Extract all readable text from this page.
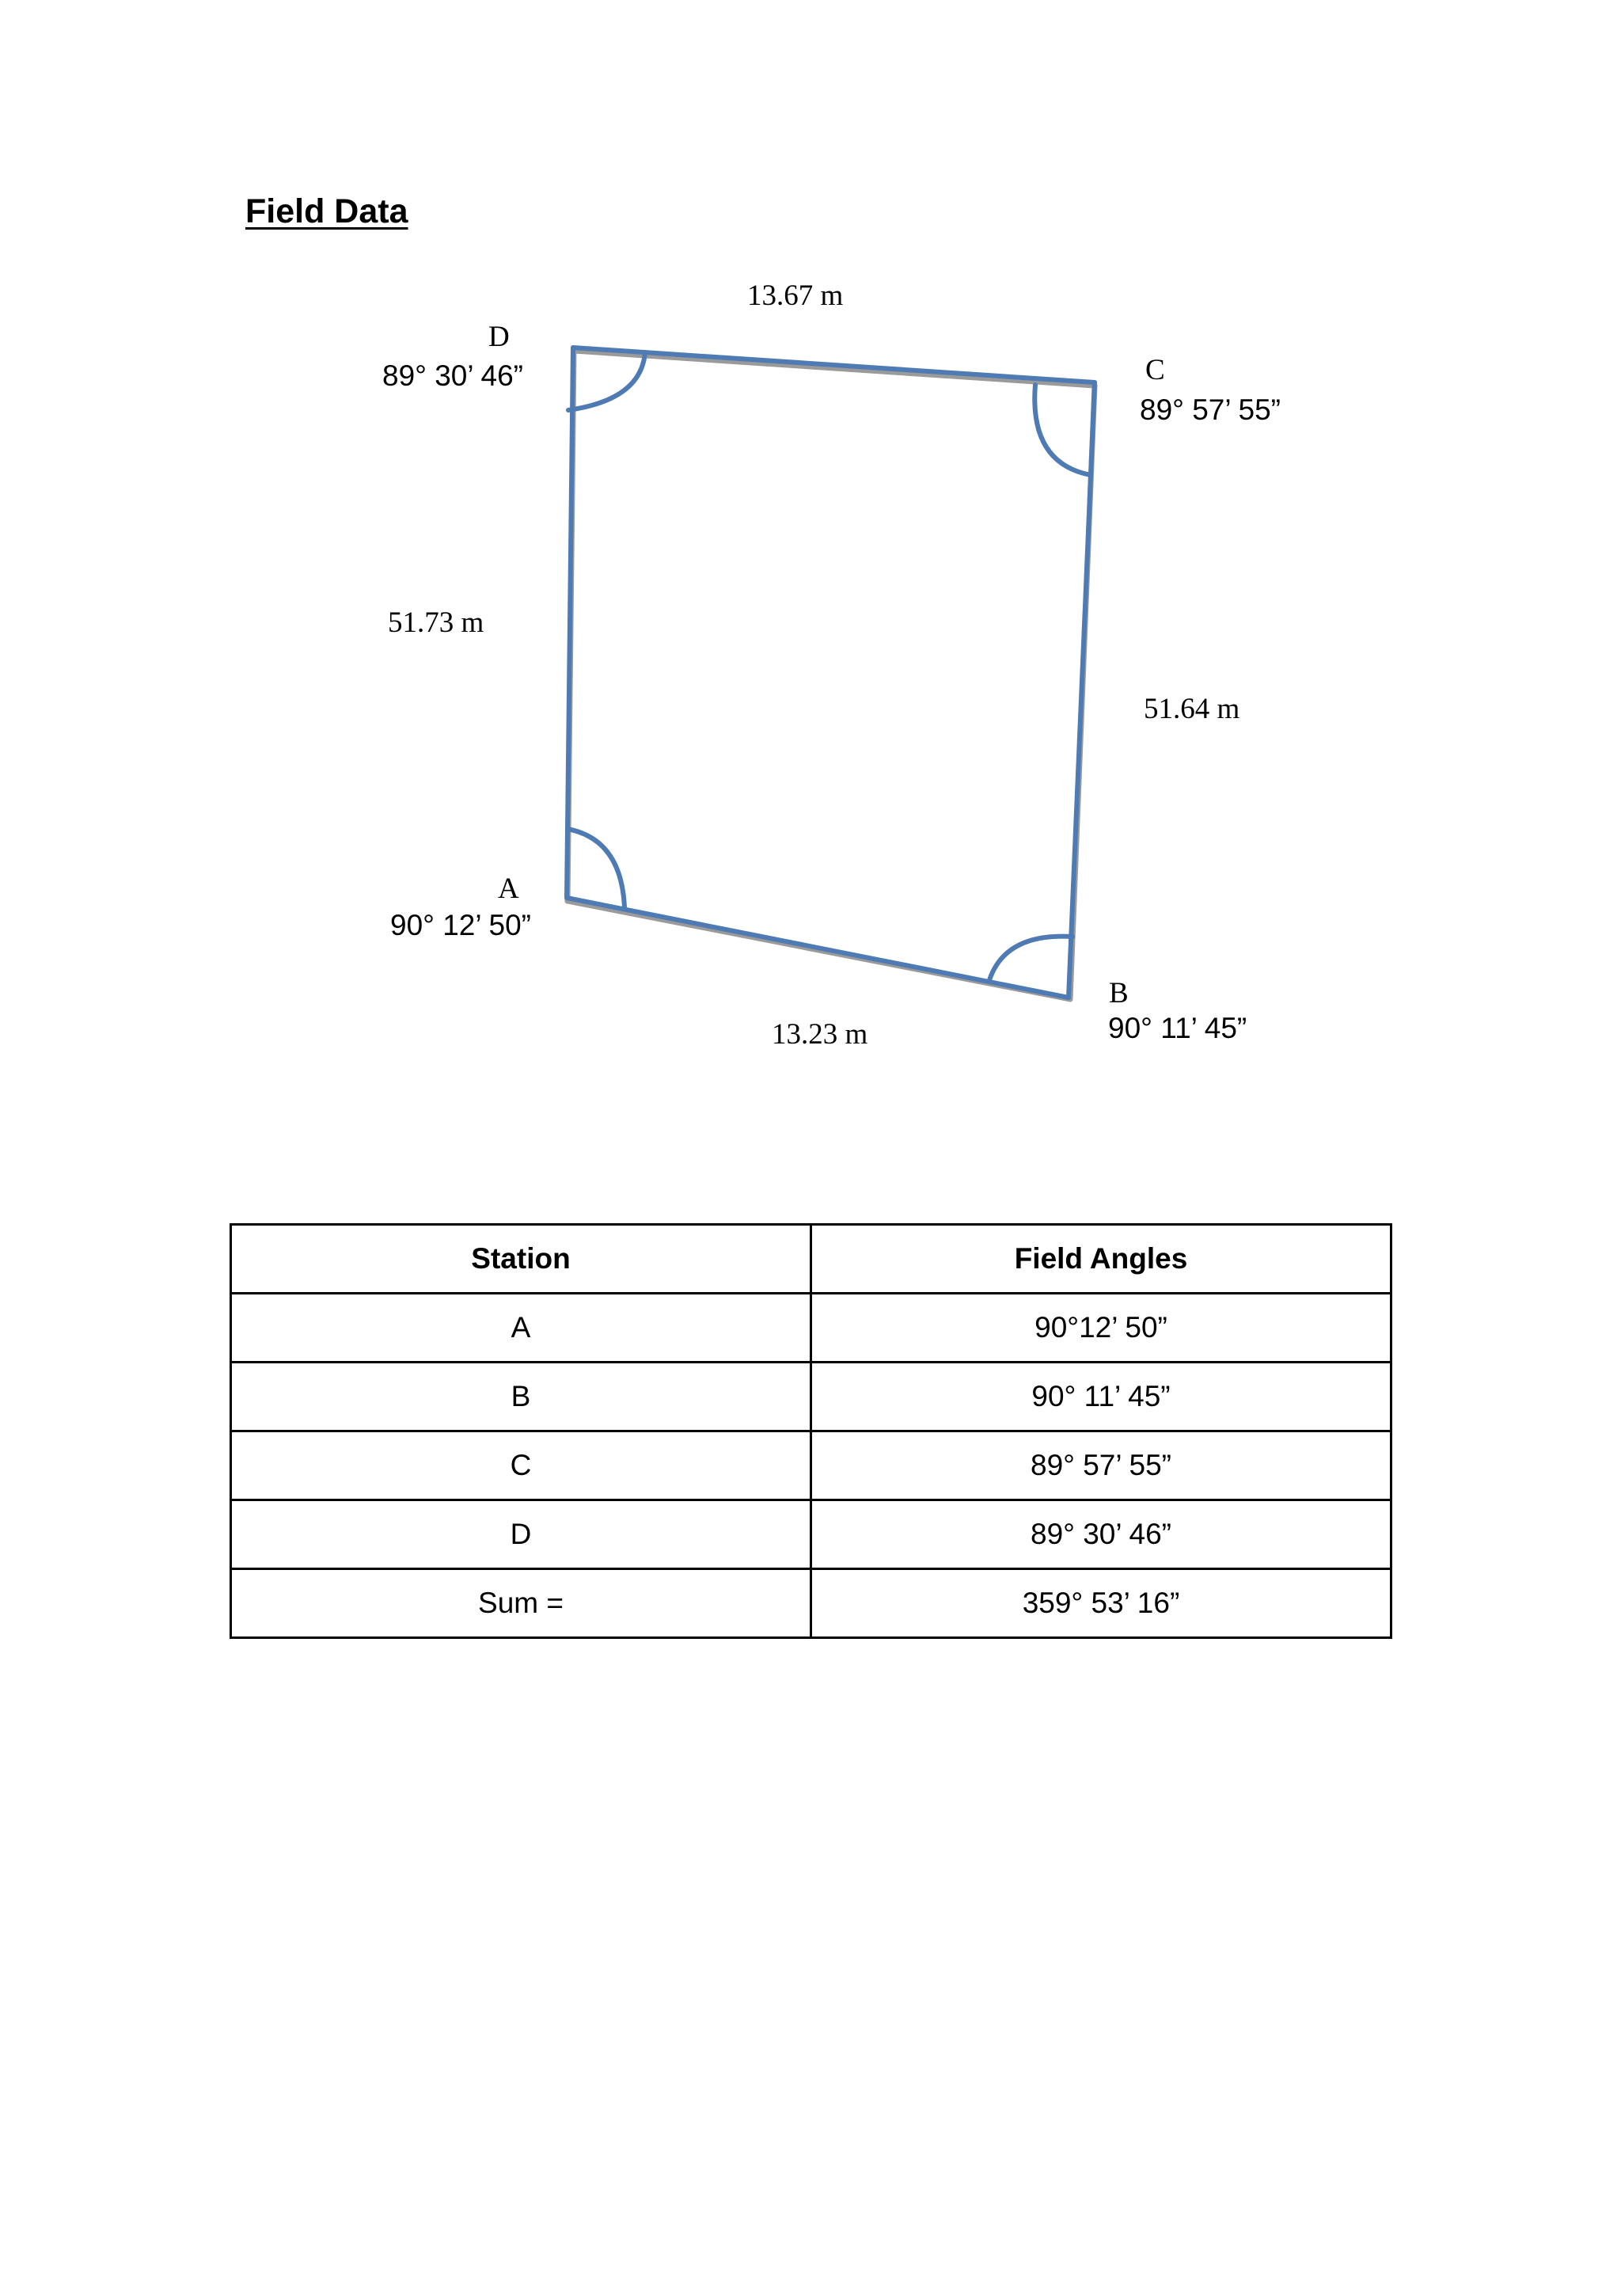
Field Data
13.67 m
13.23 m
51.73 m
51.64 m
D
C
A
B
89° 30’ 46”
89° 57’ 55”
90° 12’ 50”
90° 11’ 45”
Station	Field Angles
A	90°12’ 50”
B	90° 11’ 45”
C	89° 57’ 55”
D	89° 30’ 46”
Sum =	359° 53’ 16”
